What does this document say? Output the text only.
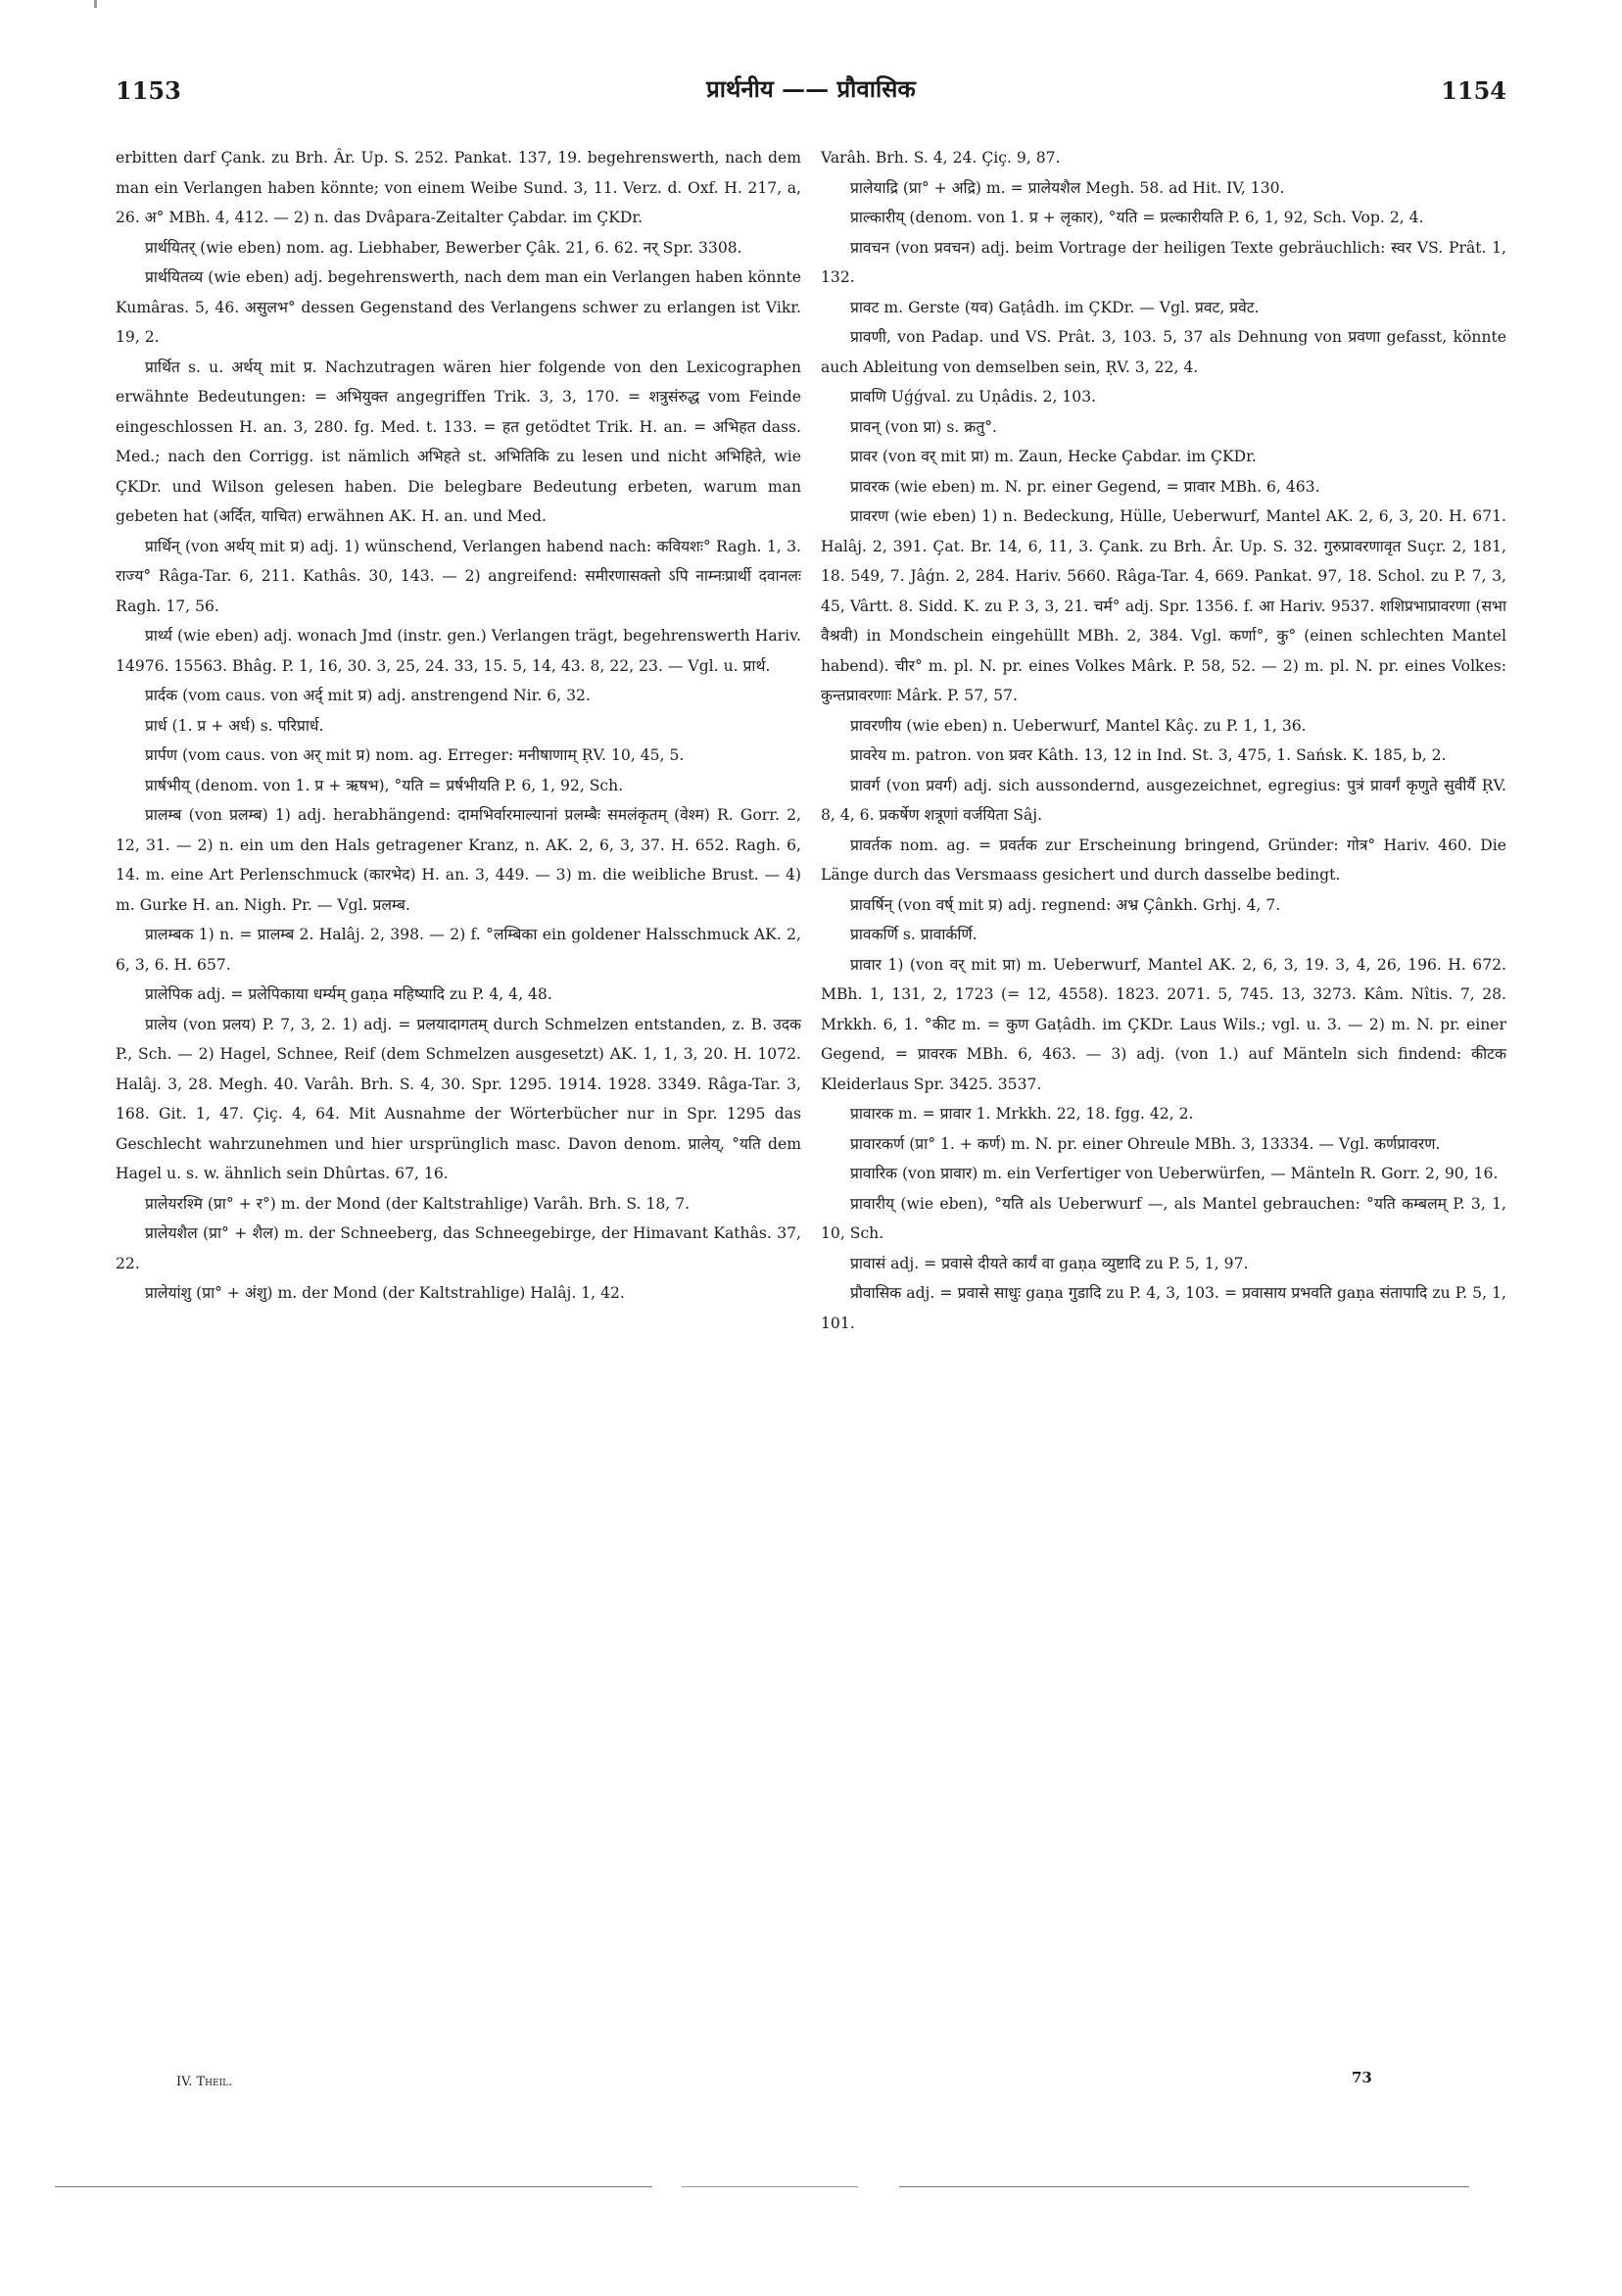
1153	प्रार्थनीय —— प्रौवासिक	1154

erbitten darf Çank. zu Brh. Âr. Up. S. 252. Pankat. 137, 19. begehrenswerth, nach dem man ein Verlangen haben könnte; von einem Weibe Sund. 3, 11. Verz. d. Oxf. H. 217, a, 26. अ° MBh. 4, 412. — 2) n. das Dvâpara-Zeitalter Çabdar. im ÇKDr.

प्रार्थयितर् (wie eben) nom. ag. Liebhaber, Bewerber Çâk. 21, 6. 62. नर् Spr. 3308.

प्रार्थयितव्य (wie eben) adj. begehrenswerth, nach dem man ein Verlangen haben könnte Kumâras. 5, 46. असुलभ° dessen Gegenstand des Verlangens schwer zu erlangen ist Vikr. 19, 2.

प्रार्थित s. u. अर्थय् mit प्र. Nachzutragen wären hier folgende von den Lexicographen erwähnte Bedeutungen: = अभियुक्त angegriffen Trik. 3, 3, 170. = शत्रुसंरुद्ध vom Feinde eingeschlossen H. an. 3, 280. fg. Med. t. 133. = हत getödtet Trik. H. an. = अभिहत dass. Med.; nach den Corrigg. ist nämlich अभिहते st. अभितिकि zu lesen und nicht अभिहिते, wie ÇKDr. und Wilson gelesen haben. Die belegbare Bedeutung erbeten, warum man gebeten hat (अर्दित, याचित) erwähnen AK. H. an. und Med.

प्रार्थिन् (von अर्थय् mit प्र) adj. 1) wünschend, Verlangen habend nach: कवियशः° Ragh. 1, 3. राज्य° Râga-Tar. 6, 211. Kathâs. 30, 143. — 2) angreifend: समीरणासक्तो ऽपि नाम्नःप्रार्थी दवानलः Ragh. 17, 56.

प्रार्थ्य (wie eben) adj. wonach Jmd (instr. gen.) Verlangen trägt, begehrenswerth Hariv. 14976. 15563. Bhâg. P. 1, 16, 30. 3, 25, 24. 33, 15. 5, 14, 43. 8, 22, 23. — Vgl. u. प्रार्थ.

प्रार्दक (vom caus. von अर्द् mit प्र) adj. anstrengend Nir. 6, 32.

प्रार्ध (1. प्र + अर्ध) s. परिप्रार्ध.

प्रार्पण (vom caus. von अर् mit प्र) nom. ag. Erreger: मनीषाणाम् ṚV. 10, 45, 5.

प्रार्षभीय् (denom. von 1. प्र + ऋषभ), °यति = प्रर्षभीयति P. 6, 1, 92, Sch.

प्रालम्ब (von प्रलम्ब) 1) adj. herabhängend: दामभिर्वारमाल्यानां प्रलम्बैः समलंकृतम् (वेश्म) R. Gorr. 2, 12, 31. — 2) n. ein um den Hals getragener Kranz, n. AK. 2, 6, 3, 37. H. 652. Ragh. 6, 14. m. eine Art Perlenschmuck (कारभेद) H. an. 3, 449. — 3) m. die weibliche Brust. — 4) m. Gurke H. an. Nigh. Pr. — Vgl. प्रलम्ब.

प्रालम्बक 1) n. = प्रालम्ब 2. Halâj. 2, 398. — 2) f. °लम्बिका ein goldener Halsschmuck AK. 2, 6, 3, 6. H. 657.

प्रालेपिक adj. = प्रलेपिकाया धर्म्यम् gaṇa महिष्यादि zu P. 4, 4, 48.

प्रालेय (von प्रलय) P. 7, 3, 2. 1) adj. = प्रलयादागतम् durch Schmelzen entstanden, z. B. उदक P., Sch. — 2) Hagel, Schnee, Reif (dem Schmelzen ausgesetzt) AK. 1, 1, 3, 20. H. 1072. Halâj. 3, 28. Megh. 40. Varâh. Brh. S. 4, 30. Spr. 1295. 1914. 1928. 3349. Râga-Tar. 3, 168. Git. 1, 47. Çiç. 4, 64. Mit Ausnahme der Wörterbücher nur in Spr. 1295 das Geschlecht wahrzunehmen und hier ursprünglich masc. Davon denom. प्रालेय्, °यति dem Hagel u. s. w. ähnlich sein Dhûrtas. 67, 16.

प्रालेयरश्मि (प्रा° + र°) m. der Mond (der Kaltstrahlige) Varâh. Brh. S. 18, 7.

प्रालेयशैल (प्रा° + शैल) m. der Schneeberg, das Schneegebirge, der Himavant Kathâs. 37, 22.

प्रालेयांशु (प्रा° + अंशु) m. der Mond (der Kaltstrahlige) Halâj. 1, 42.

Varâh. Brh. S. 4, 24. Çiç. 9, 87.

प्रालेयाद्रि (प्रा° + अद्रि) m. = प्रालेयशैल Megh. 58. ad Hit. IV, 130.

प्राल्कारीय् (denom. von 1. प्र + लृकार), °यति = प्रल्कारीयति P. 6, 1, 92, Sch. Vop. 2, 4.

प्रावचन (von प्रवचन) adj. beim Vortrage der heiligen Texte gebräuchlich: स्वर VS. Prât. 1, 132.

प्रावट m. Gerste (यव) Gaṭâdh. im ÇKDr. — Vgl. प्रवट, प्रवेट.

प्रावणी, von Padap. und VS. Prât. 3, 103. 5, 37 als Dehnung von प्रवणा gefasst, könnte auch Ableitung von demselben sein, ṚV. 3, 22, 4.

प्रावणि Uǵǵval. zu Uṇâdis. 2, 103.

प्रावन् (von प्रा) s. क्रतु°.

प्रावर (von वर् mit प्रा) m. Zaun, Hecke Çabdar. im ÇKDr.

प्रावरक (wie eben) m. N. pr. einer Gegend, = प्रावार MBh. 6, 463.

प्रावरण (wie eben) 1) n. Bedeckung, Hülle, Ueberwurf, Mantel AK. 2, 6, 3, 20. H. 671. Halâj. 2, 391. Çat. Br. 14, 6, 11, 3. Çank. zu Brh. Âr. Up. S. 32. गुरुप्रावरणावृत Suçr. 2, 181, 18. 549, 7. Jâǵn. 2, 284. Hariv. 5660. Râga-Tar. 4, 669. Pankat. 97, 18. Schol. zu P. 7, 3, 45, Vârtt. 8. Sidd. K. zu P. 3, 3, 21. चर्म° adj. Spr. 1356. f. आ Hariv. 9537. शशिप्रभाप्रावरणा (सभा वैश्रवी) in Mondschein eingehüllt MBh. 2, 384. Vgl. कर्णा°, कु° (einen schlechten Mantel habend). चीर° m. pl. N. pr. eines Volkes Mârk. P. 58, 52. — 2) m. pl. N. pr. eines Volkes: कुन्तप्रावरणाः Mârk. P. 57, 57.

प्रावरणीय (wie eben) n. Ueberwurf, Mantel Kâç. zu P. 1, 1, 36.

प्रावरेय m. patron. von प्रवर Kâth. 13, 12 in Ind. St. 3, 475, 1. Sańsk. K. 185, b, 2.

प्रावर्ग (von प्रवर्ग) adj. sich aussondernd, ausgezeichnet, egregius: पुत्रं प्रावर्गं कृणुते सुवीर्यै ṚV. 8, 4, 6. प्रकर्षेण शत्रूणां वर्जयिता Sâj.

प्रावर्तक nom. ag. = प्रवर्तक zur Erscheinung bringend, Gründer: गोत्र° Hariv. 460. Die Länge durch das Versmaass gesichert und durch dasselbe bedingt.

प्रावर्षिन् (von वर्ष् mit प्र) adj. regnend: अभ्र Çânkh. Grhj. 4, 7.

प्रावकर्णि s. प्रावार्कर्णि.

प्रावार 1) (von वर् mit प्रा) m. Ueberwurf, Mantel AK. 2, 6, 3, 19. 3, 4, 26, 196. H. 672. MBh. 1, 131, 2, 1723 (= 12, 4558). 1823. 2071. 5, 745. 13, 3273. Kâm. Nîtis. 7, 28. Mrkkh. 6, 1. °कीट m. = कुण Gaṭâdh. im ÇKDr. Laus Wils.; vgl. u. 3. — 2) m. N. pr. einer Gegend, = प्रावरक MBh. 6, 463. — 3) adj. (von 1.) auf Mänteln sich findend: कीटक Kleiderlaus Spr. 3425. 3537.

प्रावारक m. = प्रावार 1. Mrkkh. 22, 18. fgg. 42, 2.

प्रावारकर्ण (प्रा° 1. + कर्ण) m. N. pr. einer Ohreule MBh. 3, 13334. — Vgl. कर्णप्रावरण.

प्रावारिक (von प्रावार) m. ein Verfertiger von Ueberwürfen, — Mänteln R. Gorr. 2, 90, 16.

प्रावारीय् (wie eben), °यति als Ueberwurf —, als Mantel gebrauchen: °यति कम्बलम् P. 3, 1, 10, Sch.

प्रावासं adj. = प्रवासे दीयते कार्यं वा gaṇa व्युष्टादि zu P. 5, 1, 97.

प्रौवासिक adj. = प्रवासे साधुः gaṇa गुडादि zu P. 4, 3, 103. = प्रवासाय प्रभवति gaṇa संतापादि zu P. 5, 1, 101.

IV. Theil.	73
